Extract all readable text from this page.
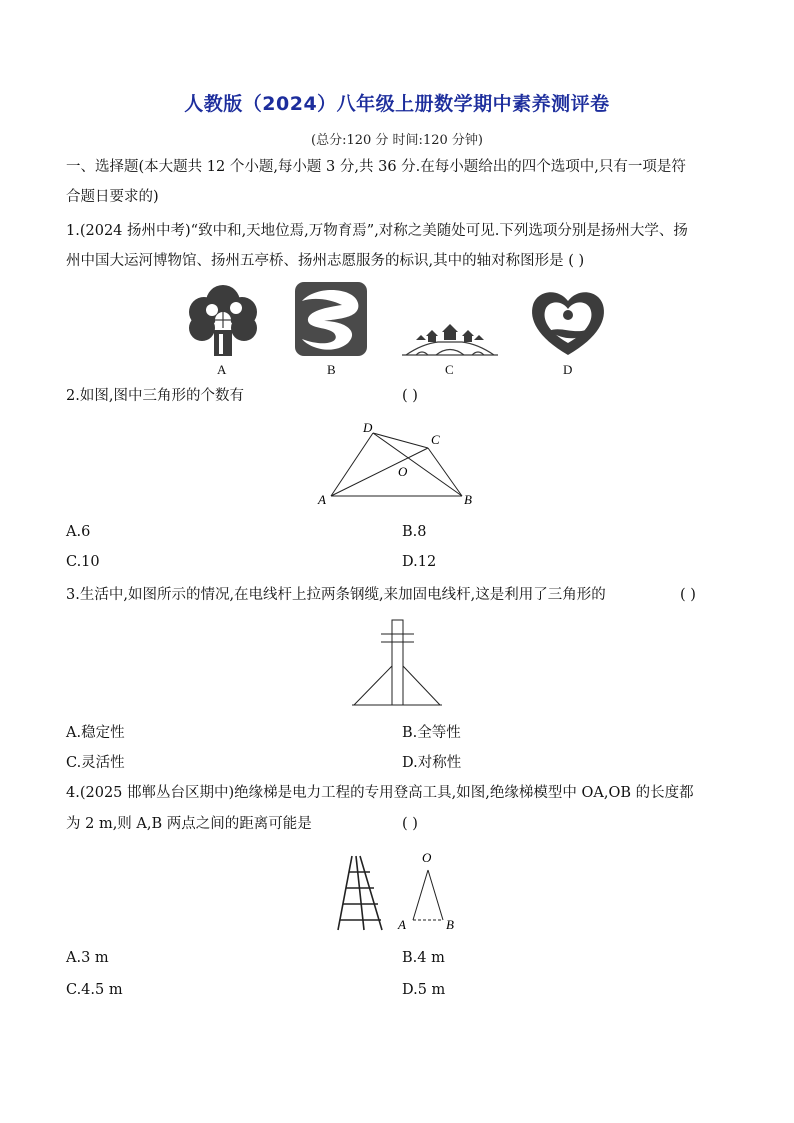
人教版（2024）八年级上册数学期中素养测评卷
(总分:120 分 时间:120 分钟)
一、选择题(本大题共 12 个小题,每小题 3 分,共 36 分.在每小题给出的四个选项中,只有一项是符
合题日要求的)
1.(2024 扬州中考)“致中和,天地位焉,万物育焉”,对称之美随处可见.下列选项分别是扬州大学、扬
州中国大运河博物馆、扬州五亭桥、扬州志愿服务的标识,其中的轴对称图形是 ( )
A	B	C	D
2.如图,图中三角形的个数有	( )
D
C
O
A	B
A.6	B.8
C.10	D.12
3.生活中,如图所示的情况,在电线杆上拉两条钢缆,来加固电线杆,这是利用了三角形的	( )
A.稳定性	B.全等性
C.灵活性	D.对称性
4.(2025 邯郸丛台区期中)绝缘梯是电力工程的专用登高工具,如图,绝缘梯模型中 OA,OB 的长度都
为 2 m,则 A,B 两点之间的距离可能是	( )
O
A	B
A.3 m	B.4 m
C.4.5 m	D.5 m
